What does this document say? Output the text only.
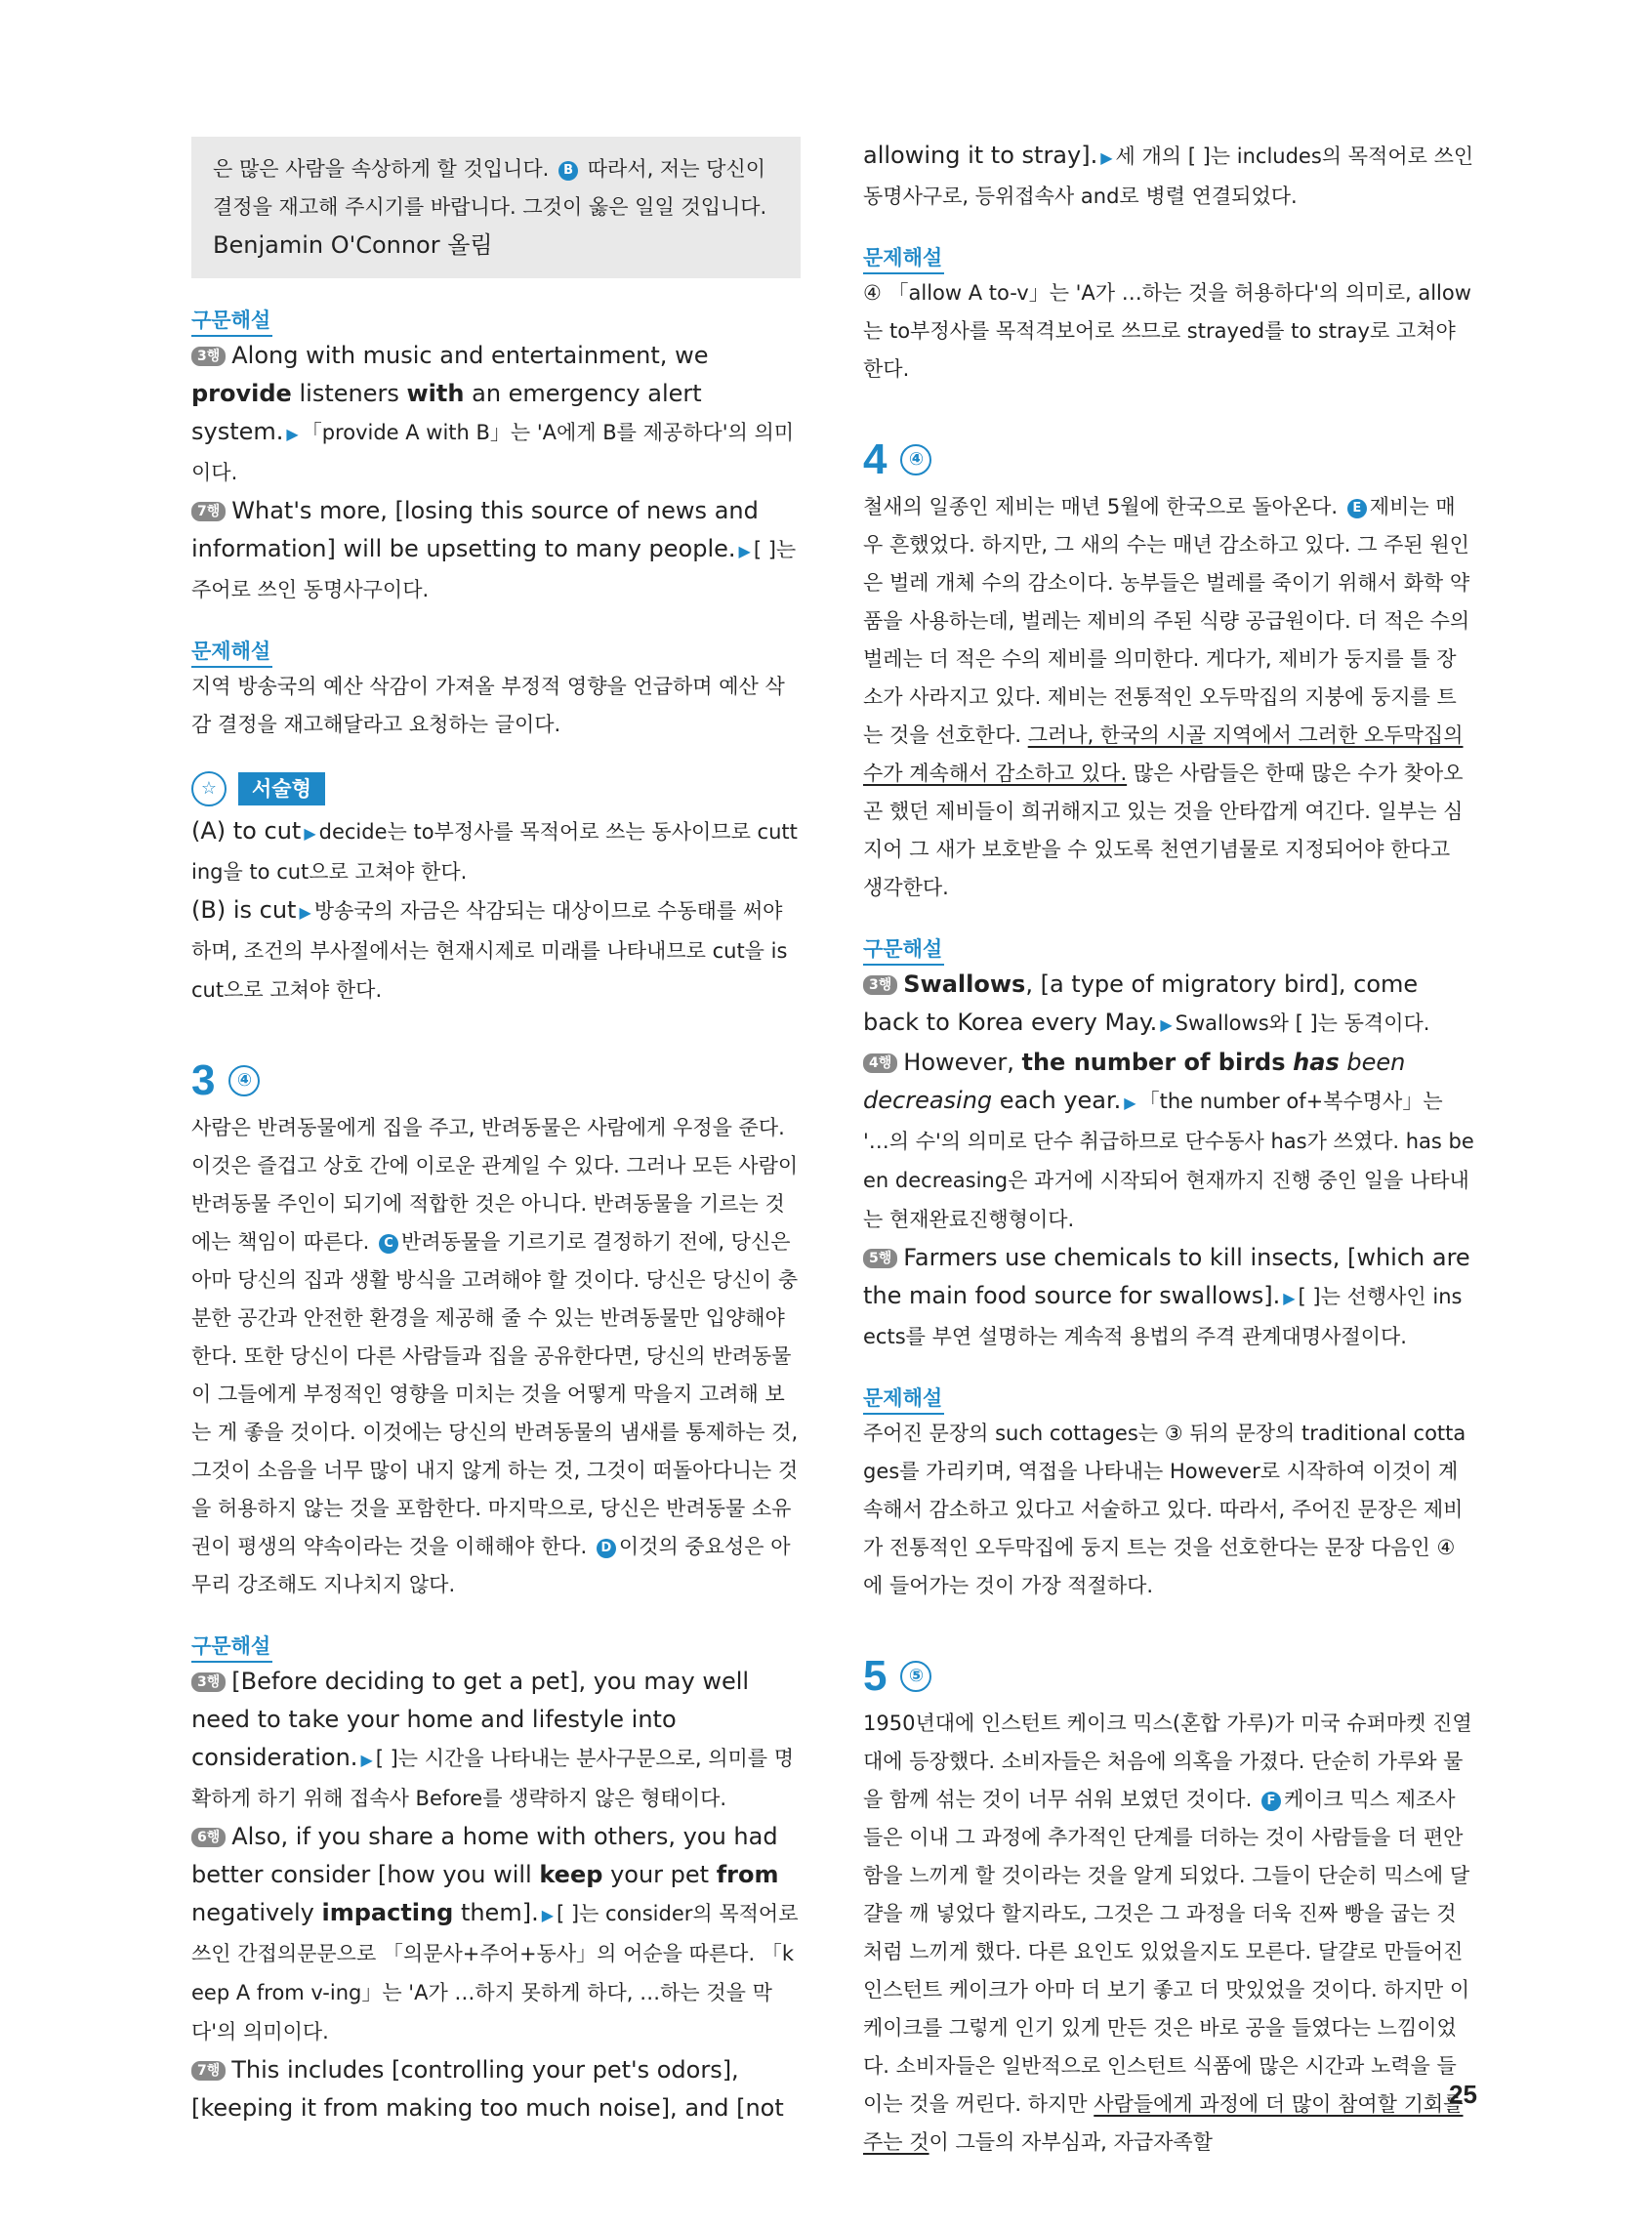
은 많은 사람을 속상하게 할 것입니다. B 따라서, 저는 당신이 결정을 재고해 주시기를 바랍니다. 그것이 옳은 일일 것입니다.

Benjamin O'Connor 올림

구문해설

3행 Along with music and entertainment, we provide listeners with an emergency alert system. ▶ 「provide A with B」는 'A에게 B를 제공하다'의 의미이다.

7행 What's more, [losing this source of news and information] will be upsetting to many people. ▶ [ ]는 주어로 쓰인 동명사구이다.

문제해설

지역 방송국의 예산 삭감이 가져올 부정적 영향을 언급하며 예산 삭감 결정을 재고해달라고 요청하는 글이다.

☆	서술형

(A) to cut ▶ decide는 to부정사를 목적어로 쓰는 동사이므로 cutting을 to cut으로 고쳐야 한다.

(B) is cut ▶ 방송국의 자금은 삭감되는 대상이므로 수동태를 써야 하며, 조건의 부사절에서는 현재시제로 미래를 나타내므로 cut을 is cut으로 고쳐야 한다.

3	④

사람은 반려동물에게 집을 주고, 반려동물은 사람에게 우정을 준다. 이것은 즐겁고 상호 간에 이로운 관계일 수 있다. 그러나 모든 사람이 반려동물 주인이 되기에 적합한 것은 아니다. 반려동물을 기르는 것에는 책임이 따른다. C 반려동물을 기르기로 결정하기 전에, 당신은 아마 당신의 집과 생활 방식을 고려해야 할 것이다. 당신은 당신이 충분한 공간과 안전한 환경을 제공해 줄 수 있는 반려동물만 입양해야 한다. 또한 당신이 다른 사람들과 집을 공유한다면, 당신의 반려동물이 그들에게 부정적인 영향을 미치는 것을 어떻게 막을지 고려해 보는 게 좋을 것이다. 이것에는 당신의 반려동물의 냄새를 통제하는 것, 그것이 소음을 너무 많이 내지 않게 하는 것, 그것이 떠돌아다니는 것을 허용하지 않는 것을 포함한다. 마지막으로, 당신은 반려동물 소유권이 평생의 약속이라는 것을 이해해야 한다. D 이것의 중요성은 아무리 강조해도 지나치지 않다.

구문해설

3행 [Before deciding to get a pet], you may well need to take your home and lifestyle into consideration. ▶ [ ]는 시간을 나타내는 분사구문으로, 의미를 명확하게 하기 위해 접속사 Before를 생략하지 않은 형태이다.

6행 Also, if you share a home with others, you had better consider [how you will keep your pet from negatively impacting them]. ▶ [ ]는 consider의 목적어로 쓰인 간접의문문으로 「의문사+주어+동사」의 어순을 따른다. 「keep A from v-ing」는 'A가 …하지 못하게 하다, …하는 것을 막다'의 의미이다.

7행 This includes [controlling your pet's odors], [keeping it from making too much noise], and [not

allowing it to stray]. ▶ 세 개의 [ ]는 includes의 목적어로 쓰인 동명사구로, 등위접속사 and로 병렬 연결되었다.

문제해설

④ 「allow A to-v」는 'A가 …하는 것을 허용하다'의 의미로, allow는 to부정사를 목적격보어로 쓰므로 strayed를 to stray로 고쳐야 한다.

4	④

철새의 일종인 제비는 매년 5월에 한국으로 돌아온다. E 제비는 매우 흔했었다. 하지만, 그 새의 수는 매년 감소하고 있다. 그 주된 원인은 벌레 개체 수의 감소이다. 농부들은 벌레를 죽이기 위해서 화학 약품을 사용하는데, 벌레는 제비의 주된 식량 공급원이다. 더 적은 수의 벌레는 더 적은 수의 제비를 의미한다. 게다가, 제비가 둥지를 틀 장소가 사라지고 있다. 제비는 전통적인 오두막집의 지붕에 둥지를 트는 것을 선호한다. 그러나, 한국의 시골 지역에서 그러한 오두막집의 수가 계속해서 감소하고 있다. 많은 사람들은 한때 많은 수가 찾아오곤 했던 제비들이 희귀해지고 있는 것을 안타깝게 여긴다. 일부는 심지어 그 새가 보호받을 수 있도록 천연기념물로 지정되어야 한다고 생각한다.

구문해설

3행 Swallows, [a type of migratory bird], come back to Korea every May. ▶ Swallows와 [ ]는 동격이다.

4행 However, the number of birds has been decreasing each year. ▶ 「the number of+복수명사」는 '…의 수'의 의미로 단수 취급하므로 단수동사 has가 쓰였다. has been decreasing은 과거에 시작되어 현재까지 진행 중인 일을 나타내는 현재완료진행형이다.

5행 Farmers use chemicals to kill insects, [which are the main food source for swallows]. ▶ [ ]는 선행사인 insects를 부연 설명하는 계속적 용법의 주격 관계대명사절이다.

문제해설

주어진 문장의 such cottages는 ③ 뒤의 문장의 traditional cottages를 가리키며, 역접을 나타내는 However로 시작하여 이것이 계속해서 감소하고 있다고 서술하고 있다. 따라서, 주어진 문장은 제비가 전통적인 오두막집에 둥지 트는 것을 선호한다는 문장 다음인 ④에 들어가는 것이 가장 적절하다.

5	⑤

1950년대에 인스턴트 케이크 믹스(혼합 가루)가 미국 슈퍼마켓 진열대에 등장했다. 소비자들은 처음에 의혹을 가졌다. 단순히 가루와 물을 함께 섞는 것이 너무 쉬워 보였던 것이다. F 케이크 믹스 제조사들은 이내 그 과정에 추가적인 단계를 더하는 것이 사람들을 더 편안함을 느끼게 할 것이라는 것을 알게 되었다. 그들이 단순히 믹스에 달걀을 깨 넣었다 할지라도, 그것은 그 과정을 더욱 진짜 빵을 굽는 것처럼 느끼게 했다. 다른 요인도 있었을지도 모른다. 달걀로 만들어진 인스턴트 케이크가 아마 더 보기 좋고 더 맛있었을 것이다. 하지만 이 케이크를 그렇게 인기 있게 만든 것은 바로 공을 들였다는 느낌이었다. 소비자들은 일반적으로 인스턴트 식품에 많은 시간과 노력을 들이는 것을 꺼린다. 하지만 사람들에게 과정에 더 많이 참여할 기회를 주는 것이 그들의 자부심과, 자급자족할

25
